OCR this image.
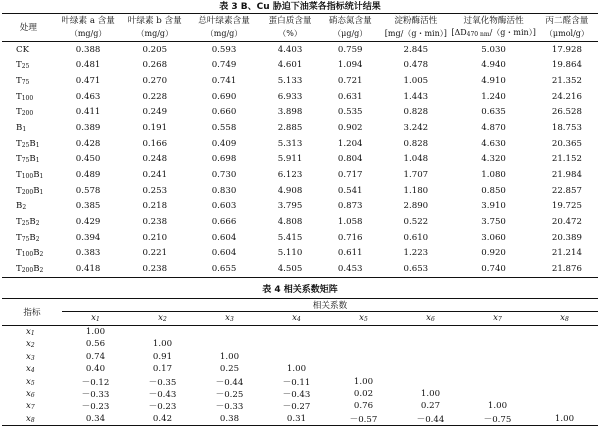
表 3 B、Cu 胁迫下油菜各指标统计结果
处理	叶绿素 a 含量	叶绿素 b 含量	总叶绿素含量	蛋白质含量	硝态氮含量	淀粉酶活性	过氧化物酶活性	丙二醛含量
	（mg/g）	（mg/g）	（mg/g）	（%）	（μg/g）	[mg/（g・min）]	[$\Delta D_{470 nm}/(g$・min）]	（μmol/g）
CK	0.388	0.205	0.593	4.403	0.759	2.845	5.030	17.928
$T_{25}$	0.481	0.268	0.749	4.601	1.094	0.478	4.940	19.864
$T_{75}$	0.471	0.270	0.741	5.133	0.721	1.005	4.910	21.352
$T_{100}$	0.463	0.228	0.690	6.933	0.631	1.443	1.240	24.216
$T_{200}$	0.411	0.249	0.660	3.898	0.535	0.828	0.635	26.528
$B_1$	0.389	0.191	0.558	2.885	0.902	3.242	4.870	18.753
$T_{25}B_1$	0.428	0.166	0.409	5.313	1.204	0.828	4.630	20.365
$T_{75}B_1$	0.450	0.248	0.698	5.911	0.804	1.048	4.320	21.152
$T_{100}B_1$	0.489	0.241	0.730	6.123	0.717	1.707	1.080	21.984
$T_{200}B_1$	0.578	0.253	0.830	4.908	0.541	1.180	0.850	22.857
$B_2$	0.385	0.218	0.603	3.795	0.873	2.890	3.910	19.725
$T_{25}B_2$	0.429	0.238	0.666	4.808	1.058	0.522	3.750	20.472
$T_{75}B_2$	0.394	0.210	0.604	5.415	0.716	0.610	3.060	20.389
$T_{100}B_2$	0.383	0.221	0.604	5.110	0.611	1.223	0.920	21.214
$T_{200}B_2$	0.418	0.238	0.655	4.505	0.453	0.653	0.740	21.876
表 4 相关系数矩阵
指标	相关系数							
	$x_1$	$x_2$	$x_3$	$x_4$	$x_5$	$x_6$	$x_7$	$x_8$
$x_1$	1.00							
$x_2$	0.56	1.00						
$x_3$	0.74	0.91	1.00					
$x_4$	0.40	0.17	0.25	1.00				
$x_5$	－0.12	－0.35	－0.44	－0.11	1.00			
$x_6$	－0.33	－0.43	－0.25	－0.43	0.02	1.00		
$x_7$	－0.23	－0.23	－0.33	－0.27	0.76	0.27	1.00	
$x_8$	0.34	0.42	0.38	0.31	－0.57	－0.44	－0.75	1.00
